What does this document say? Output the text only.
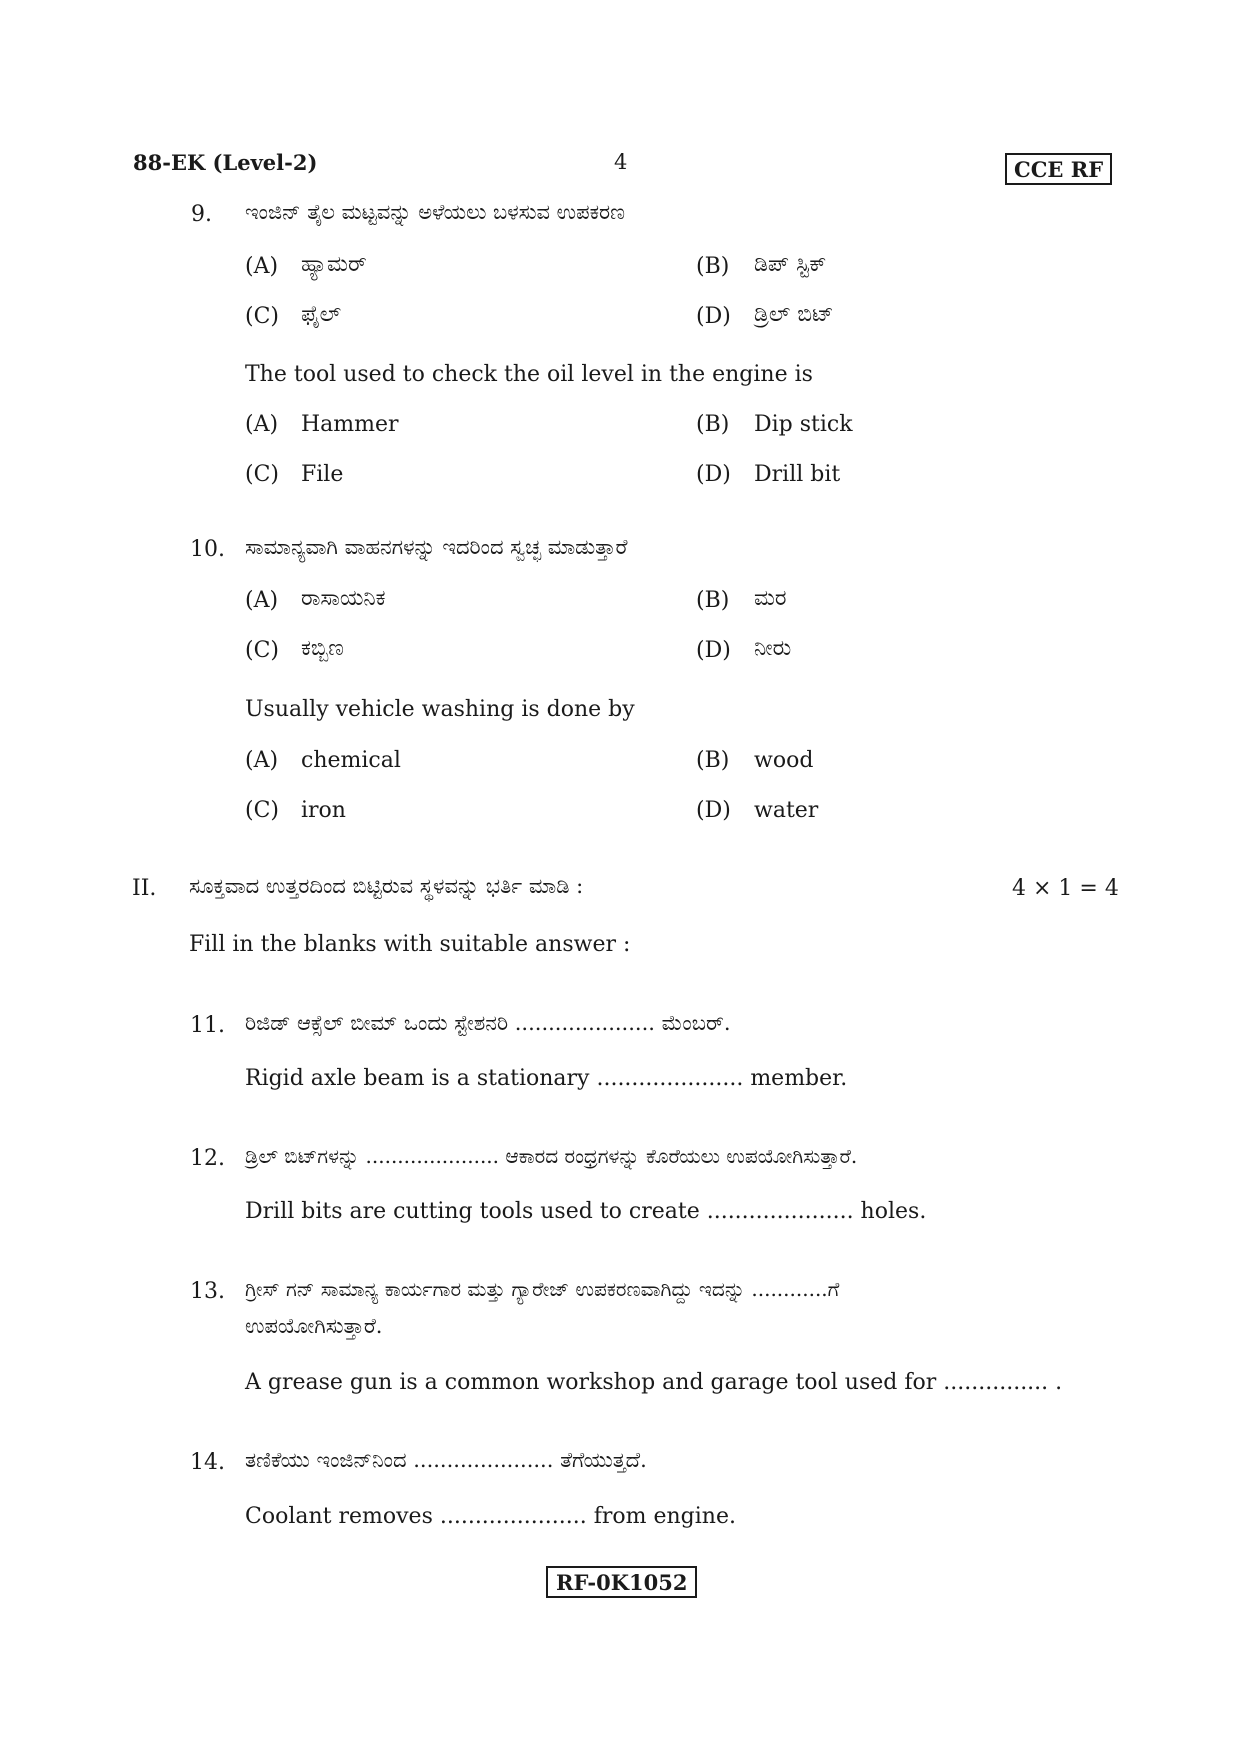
88-EK (Level-2)	4	CCE RF
9. ಇಂಜಿನ್ ತೈಲ ಮಟ್ಟವನ್ನು ಅಳೆಯಲು ಬಳಸುವ ಉಪಕರಣ
(A) ಹ್ಯಾಮರ್	(B) ಡಿಪ್ ಸ್ಟಿಕ್
(C) ಫೈಲ್	(D) ಡ್ರಿಲ್ ಬಿಟ್
The tool used to check the oil level in the engine is
(A) Hammer	(B) Dip stick
(C) File	(D) Drill bit
10. ಸಾಮಾನ್ಯವಾಗಿ ವಾಹನಗಳನ್ನು ಇದರಿಂದ ಸ್ವಚ್ಛ ಮಾಡುತ್ತಾರೆ
(A) ರಾಸಾಯನಿಕ	(B) ಮರ
(C) ಕಬ್ಬಿಣ	(D) ನೀರು
Usually vehicle washing is done by
(A) chemical	(B) wood
(C) iron	(D) water
II. ಸೂಕ್ತವಾದ ಉತ್ತರದಿಂದ ಬಿಟ್ಟಿರುವ ಸ್ಥಳವನ್ನು ಭರ್ತಿ ಮಾಡಿ :	4 × 1 = 4
Fill in the blanks with suitable answer :
11. ರಿಜಿಡ್ ಆಕ್ಸೆಲ್ ಬೀಮ್ ಒಂದು ಸ್ಟೇಶನರಿ ..................... ಮೆಂಬರ್.
Rigid axle beam is a stationary ..................... member.
12. ಡ್ರಿಲ್ ಬಿಟ್‌ಗಳನ್ನು ..................... ಆಕಾರದ ರಂಧ್ರಗಳನ್ನು ಕೊರೆಯಲು ಉಪಯೋಗಿಸುತ್ತಾರೆ.
Drill bits are cutting tools used to create ..................... holes.
13. ಗ್ರೀಸ್ ಗನ್ ಸಾಮಾನ್ಯ ಕಾರ್ಯಗಾರ ಮತ್ತು ಗ್ಯಾರೇಜ್ ಉಪಕರಣವಾಗಿದ್ದು ಇದನ್ನು ............ಗೆ
ಉಪಯೋಗಿಸುತ್ತಾರೆ.
A grease gun is a common workshop and garage tool used for ............... .
14. ತಣಿಕೆಯು ಇಂಜಿನ್‌ನಿಂದ ..................... ತೆಗೆಯುತ್ತದೆ.
Coolant removes ..................... from engine.
RF-0K1052
